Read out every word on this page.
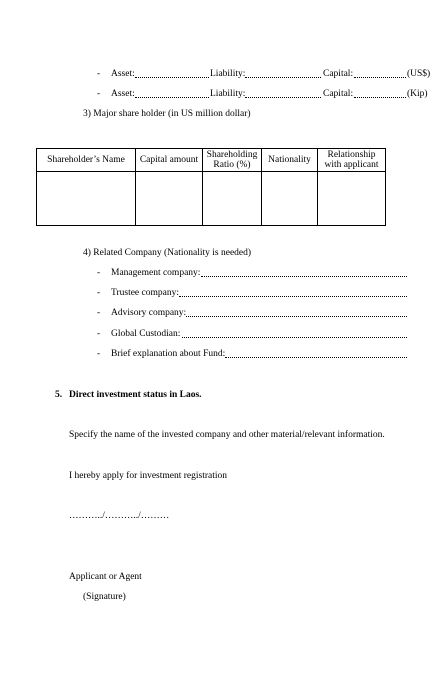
- Asset:	Liability:	Capital:	(US$)
- Asset:	Liability:	Capital:	(Kip)
3) Major share holder (in US million dollar)
Shareholder’s Name	Capital amount	Shareholding Ratio (%)	Nationality	Relationship with applicant

4) Related Company (Nationality is needed)
- Management company:
- Trustee company:
- Advisory company:
- Global Custodian:
- Brief explanation about Fund:
5. Direct investment status in Laos.
Specify the name of the invested company and other material/relevant information.
I hereby apply for investment registration
………../………../………
Applicant or Agent
(Signature)
